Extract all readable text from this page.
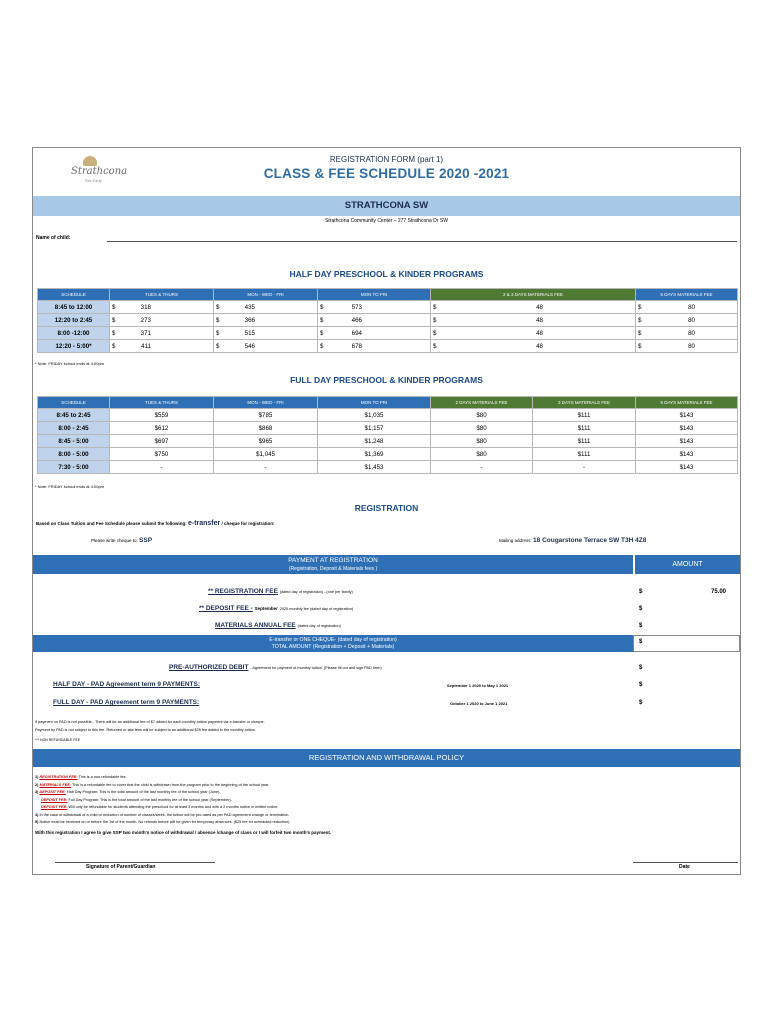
Strathcona
SW Early
REGISTRATION FORM (part 1)
CLASS & FEE SCHEDULE 2020 -2021
STRATHCONA SW
Strathcona Community Center – 277 Strathcona Dr SW
Name of child:
HALF DAY PRESCHOOL & KINDER PROGRAMS
SCHEDULE	TUES & THURS	MON - WED - FRI	MON TO FRI	2 & 3 DAYS MATERIALS FEE	5 DAYS MATERIALS FEE
8:45 to 12:00	$ 318	$ 435	$ 573	$ 48	$ 80
12:20 to 2:45	$ 273	$ 366	$ 466	$ 48	$ 80
8:00 -12:00	$ 371	$ 515	$ 694	$ 48	$ 80
12:20 - 5:00*	$ 411	$ 546	$ 678	$ 48	$ 80
* Note: FRIDAY school ends at 4:00pm
FULL DAY PRESCHOOL & KINDER PROGRAMS
SCHEDULE	TUES & THURS	MON - WED - FRI	MON TO FRI	2 DAYS MATERIALS FEE	3 DAYS MATERIALS FEE	5 DAYS MATERIALS FEE
8:45 to 2:45	$559	$785	$1,035	$80	$111	$143
8:00 - 2:45	$612	$868	$1,157	$80	$111	$143
8:45 - 5:00	$697	$965	$1,248	$80	$111	$143
8:00 - 5:00	$750	$1,045	$1,369	$80	$111	$143
7:30 - 5:00	-	-	$1,453	-	-	$143
* Note: FRIDAY school ends at 4:00pm
REGISTRATION
Based on Class Tuition and Fee Schedule please submit the following: e-transfer / cheque for registration:
Please write cheque to: SSP	Mailing address: 18 Cougarstone Terrace SW T3H 4Z8
PAYMENT AT REGISTRATION
(Registration, Deposit & Materials fees )
AMOUNT
** REGISTRATION FEE (dated day of registration) - (one per family)	$	75.00
** DEPOSIT FEE - September 2020 monthly fee (dated day of registration)	$
MATERIALS ANNUAL FEE (dated day of registration)	$
E-transfer or ONE CHEQUE- (dated day of registration)
TOTAL AMOUNT (Registration + Deposit + Materials)
$
PRE-AUTHORIZED DEBIT - Agreement for payment of monthly tuition. (Please fill out and sign PAD form)	$
HALF DAY - PAD Agreement term 9 PAYMENTS:	September 1 2020 to May 1 2021	$
FULL DAY - PAD Agreement term 9 PAYMENTS:	October 1 2020 to June 1 2021	$
If payment on PAD is not possible - There will be an additional fee of $7 added for each monthly tuition payment via e-transfer or cheque.
Payment by PAD is not subject to this fee. Returned or late fees will be subject to an additional $25 fee added to the monthly tuition.
*** NON REFUNDABLE FEE
REGISTRATION AND WITHDRAWAL POLICY
1) REGISTRATION FEE: This is a non-refundable fee.
2) MATERIALS FEE: This is a refundable fee to cover that the child is withdrawn from the program prior to the beginning of the school year.
3) DEPOSIT FEE: Half Day Program: This is the total amount of the last monthly fee of the school year (June).
DEPOSIT FEE: Full Day Program: This is the total amount of the last monthly fee of the school year (September).
DEPOSIT FEE: Will only be refundable for students attending the preschool for at least 3 months and with a 2 months notice in written notice.
4) In the case of withdrawal of a child or reduction of number of classes/week, the tuition will be pro-rated as per PAD agreement change or termination.
5) Notice must be received on or before the 1st of the month. No refunds before will be given for temporary absences. ($25 fee for scheduled reduction)
With this registration I agree to give SSP two month's notice of withdrawal / absence /change of class or I will forfeit two month's payment.
Signature of Parent/Guardian	Date
